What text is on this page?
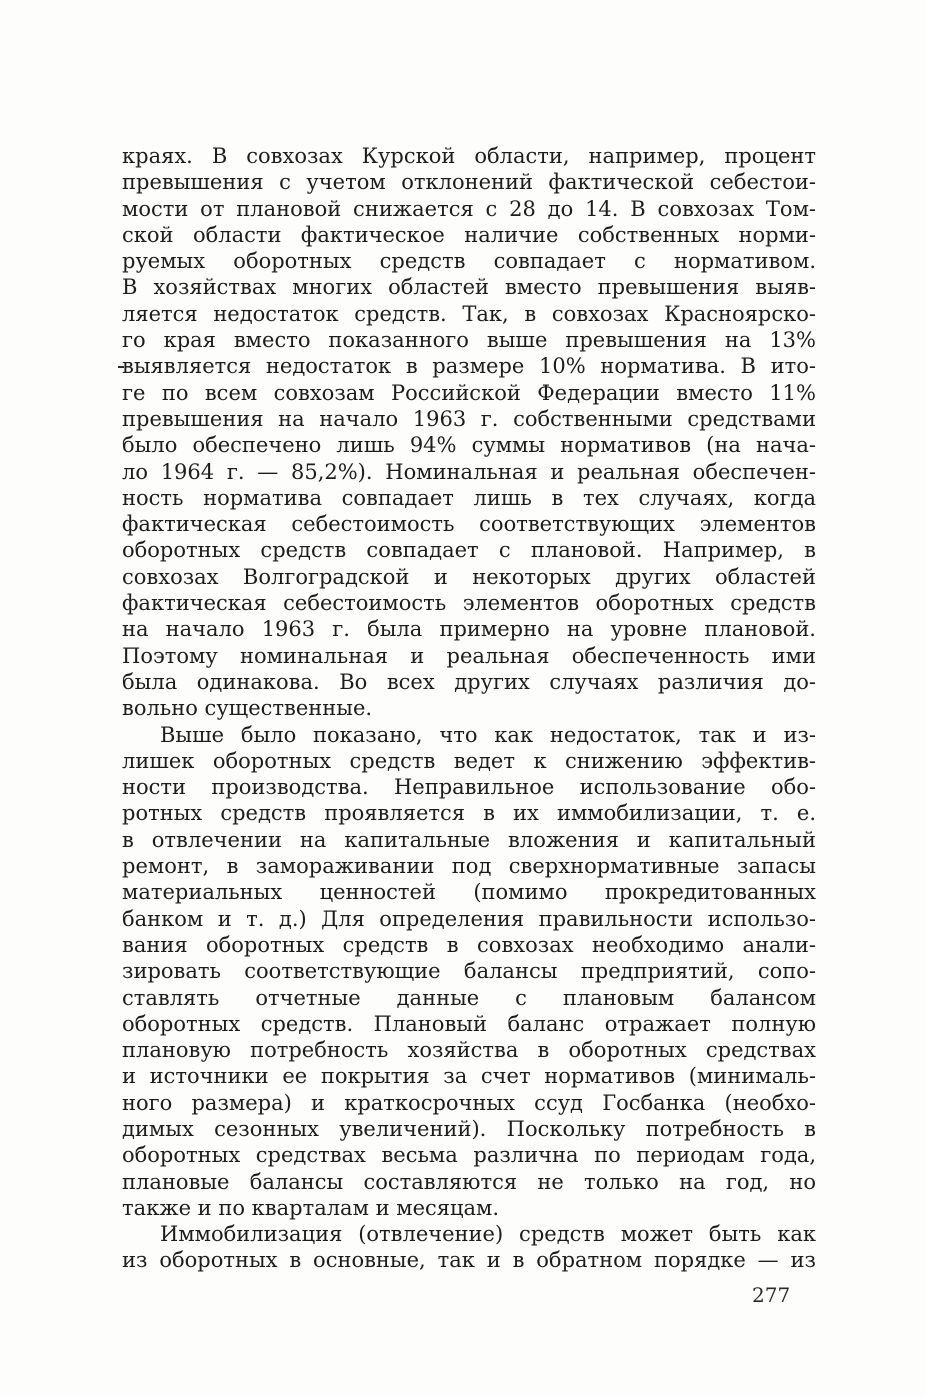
краях. В совхозах Курской области, например, процент
превышения с учетом отклонений фактической себестои-
мости от плановой снижается с 28 до 14. В совхозах Том-
ской области фактическое наличие собственных норми-
руемых оборотных средств совпадает с нормативом.
В хозяйствах многих областей вместо превышения выяв-
ляется недостаток средств. Так, в совхозах Красноярско-
го края вместо показанного выше превышения на 13%
выявляется недостаток в размере 10% норматива. В ито-
ге по всем совхозам Российской Федерации вместо 11%
превышения на начало 1963 г. собственными средствами
было обеспечено лишь 94% суммы нормативов (на нача-
ло 1964 г. — 85,2%). Номинальная и реальная обеспечен-
ность норматива совпадает лишь в тех случаях, когда
фактическая себестоимость соответствующих элементов
оборотных средств совпадает с плановой. Например, в
совхозах Волгоградской и некоторых других областей
фактическая себестоимость элементов оборотных средств
на начало 1963 г. была примерно на уровне плановой.
Поэтому номинальная и реальная обеспеченность ими
была одинакова. Во всех других случаях различия до-
вольно существенные.
Выше было показано, что как недостаток, так и из-
лишек оборотных средств ведет к снижению эффектив-
ности производства. Неправильное использование обо-
ротных средств проявляется в их иммобилизации, т. е.
в отвлечении на капитальные вложения и капитальный
ремонт, в замораживании под сверхнормативные запасы
материальных ценностей (помимо прокредитованных
банком и т. д.) Для определения правильности использо-
вания оборотных средств в совхозах необходимо анали-
зировать соответствующие балансы предприятий, сопо-
ставлять отчетные данные с плановым балансом
оборотных средств. Плановый баланс отражает полную
плановую потребность хозяйства в оборотных средствах
и источники ее покрытия за счет нормативов (минималь-
ного размера) и краткосрочных ссуд Госбанка (необхо-
димых сезонных увеличений). Поскольку потребность в
оборотных средствах весьма различна по периодам года,
плановые балансы составляются не только на год, но
также и по кварталам и месяцам.
Иммобилизация (отвлечение) средств может быть как
из оборотных в основные, так и в обратном порядке — из
277
